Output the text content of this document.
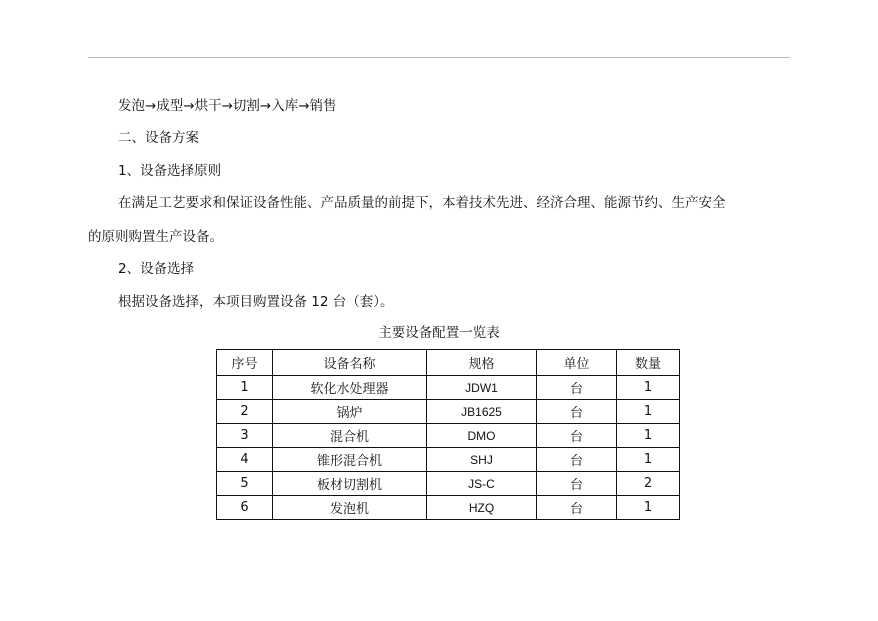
发泡→成型→烘干→切割→入库→销售
二、设备方案
1、设备选择原则
在满足工艺要求和保证设备性能、产品质量的前提下，本着技术先进、经济合理、能源节约、生产安全
的原则购置生产设备。
2、设备选择
根据设备选择，本项目购置设备 12 台（套）。
主要设备配置一览表
序号	设备名称	规格	单位	数量
1	软化水处理器	JDW1	台	1
2	锅炉	JB1625	台	1
3	混合机	DMO	台	1
4	锥形混合机	SHJ	台	1
5	板材切割机	JS-C	台	2
6	发泡机	HZQ	台	1
